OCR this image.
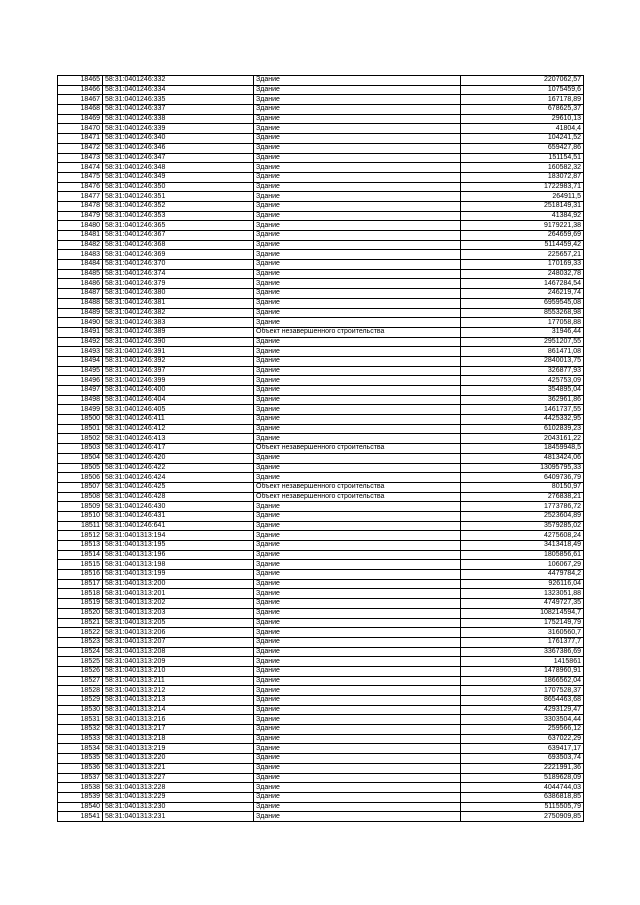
18465	58:31:0401246:332	Здание	2207062,57
18466	58:31:0401246:334	Здание	1075459,6
18467	58:31:0401246:335	Здание	167178,89
18468	58:31:0401246:337	Здание	678625,37
18469	58:31:0401246:338	Здание	29610,13
18470	58:31:0401246:339	Здание	41804,4
18471	58:31:0401246:340	Здание	104241,52
18472	58:31:0401246:346	Здание	659427,86
18473	58:31:0401246:347	Здание	151154,51
18474	58:31:0401246:348	Здание	160582,32
18475	58:31:0401246:349	Здание	183072,87
18476	58:31:0401246:350	Здание	1722983,71
18477	58:31:0401246:351	Здание	264911,5
18478	58:31:0401246:352	Здание	2518149,31
18479	58:31:0401246:353	Здание	41384,92
18480	58:31:0401246:365	Здание	9179221,38
18481	58:31:0401246:367	Здание	264659,69
18482	58:31:0401246:368	Здание	5114459,42
18483	58:31:0401246:369	Здание	225657,21
18484	58:31:0401246:370	Здание	170169,33
18485	58:31:0401246:374	Здание	248032,78
18486	58:31:0401246:379	Здание	1467284,54
18487	58:31:0401246:380	Здание	246219,74
18488	58:31:0401246:381	Здание	6959545,08
18489	58:31:0401246:382	Здание	8553268,98
18490	58:31:0401246:383	Здание	177058,88
18491	58:31:0401246:389	Объект незавершенного строительства	31946,44
18492	58:31:0401246:390	Здание	2951207,55
18493	58:31:0401246:391	Здание	861471,08
18494	58:31:0401246:392	Здание	2840013,75
18495	58:31:0401246:397	Здание	326877,93
18496	58:31:0401246:399	Здание	425753,09
18497	58:31:0401246:400	Здание	354895,04
18498	58:31:0401246:404	Здание	362961,86
18499	58:31:0401246:405	Здание	1461737,55
18500	58:31:0401246:411	Здание	4425332,95
18501	58:31:0401246:412	Здание	6102839,23
18502	58:31:0401246:413	Здание	2043161,22
18503	58:31:0401246:417	Объект незавершенного строительства	18459948,5
18504	58:31:0401246:420	Здание	4813424,06
18505	58:31:0401246:422	Здание	13095795,33
18506	58:31:0401246:424	Здание	6409736,79
18507	58:31:0401246:425	Объект незавершенного строительства	80150,97
18508	58:31:0401246:428	Объект незавершенного строительства	276838,21
18509	58:31:0401246:430	Здание	1773786,72
18510	58:31:0401246:431	Здание	2523604,89
18511	58:31:0401246:641	Здание	3579285,02
18512	58:31:0401313:194	Здание	4275608,24
18513	58:31:0401313:195	Здание	3413418,49
18514	58:31:0401313:196	Здание	1805856,61
18515	58:31:0401313:198	Здание	106067,29
18516	58:31:0401313:199	Здание	4479784,2
18517	58:31:0401313:200	Здание	926116,04
18518	58:31:0401313:201	Здание	1323051,88
18519	58:31:0401313:202	Здание	4749727,35
18520	58:31:0401313:203	Здание	108214594,7
18521	58:31:0401313:205	Здание	1752149,79
18522	58:31:0401313:206	Здание	3160560,7
18523	58:31:0401313:207	Здание	1761377,7
18524	58:31:0401313:208	Здание	3367386,69
18525	58:31:0401313:209	Здание	1415861
18526	58:31:0401313:210	Здание	1478960,91
18527	58:31:0401313:211	Здание	1866562,04
18528	58:31:0401313:212	Здание	1707528,37
18529	58:31:0401313:213	Здание	8654463,68
18530	58:31:0401313:214	Здание	4293129,47
18531	58:31:0401313:216	Здание	3303504,44
18532	58:31:0401313:217	Здание	259566,12
18533	58:31:0401313:218	Здание	637022,29
18534	58:31:0401313:219	Здание	639417,17
18535	58:31:0401313:220	Здание	693503,74
18536	58:31:0401313:221	Здание	2221991,36
18537	58:31:0401313:227	Здание	5189628,09
18538	58:31:0401313:228	Здание	4044744,03
18539	58:31:0401313:229	Здание	6386818,85
18540	58:31:0401313:230	Здание	5115505,79
18541	58:31:0401313:231	Здание	2750909,85
